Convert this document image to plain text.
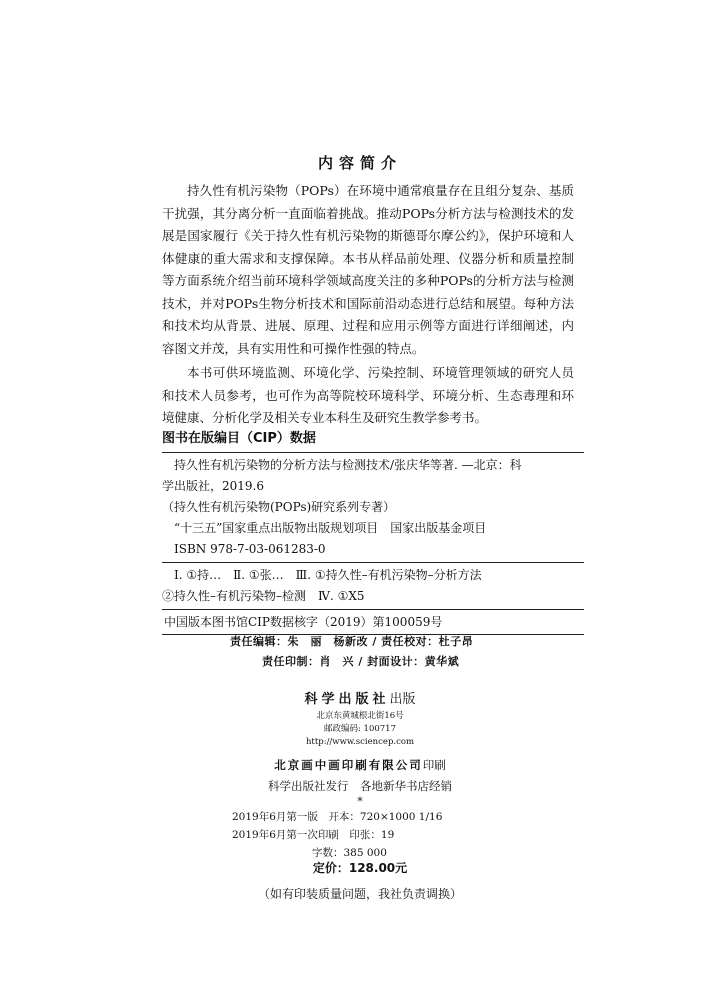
内容简介

持久性有机污染物（POPs）在环境中通常痕量存在且组分复杂、基质干扰强，其分离分析一直面临着挑战。推动POPs分析方法与检测技术的发展是国家履行《关于持久性有机污染物的斯德哥尔摩公约》，保护环境和人体健康的重大需求和支撑保障。本书从样品前处理、仪器分析和质量控制等方面系统介绍当前环境科学领域高度关注的多种POPs的分析方法与检测技术，并对POPs生物分析技术和国际前沿动态进行总结和展望。每种方法和技术均从背景、进展、原理、过程和应用示例等方面进行详细阐述，内容图文并茂，具有实用性和可操作性强的特点。

本书可供环境监测、环境化学、污染控制、环境管理领域的研究人员和技术人员参考，也可作为高等院校环境科学、环境分析、生态毒理和环境健康、分析化学及相关专业本科生及研究生教学参考书。

图书在版编目（CIP）数据
持久性有机污染物的分析方法与检测技术/张庆华等著. —北京：科
学出版社，2019.6
（持久性有机污染物(POPs)研究系列专著）
“十三五”国家重点出版物出版规划项目　国家出版基金项目
ISBN 978-7-03-061283-0
Ⅰ. ①持…　Ⅱ. ①张…　Ⅲ. ①持久性–有机污染物–分析方法
②持久性–有机污染物–检测　Ⅳ. ①X5
中国版本图书馆CIP数据核字（2019）第100059号
责任编辑：朱　丽　杨新改 / 责任校对：杜子昂
责任印制：肖　兴 / 封面设计：黄华斌
科学出版社出版
北京东黄城根北街16号
邮政编码: 100717
http://www.sciencep.com
北京画中画印刷有限公司印刷
科学出版社发行　各地新华书店经销
*
2019年6月第一版　开本：720×1000 1/16
2019年6月第一次印刷　印张：19
字数：385 000
定价：128.00元
（如有印装质量问题，我社负责调换）
